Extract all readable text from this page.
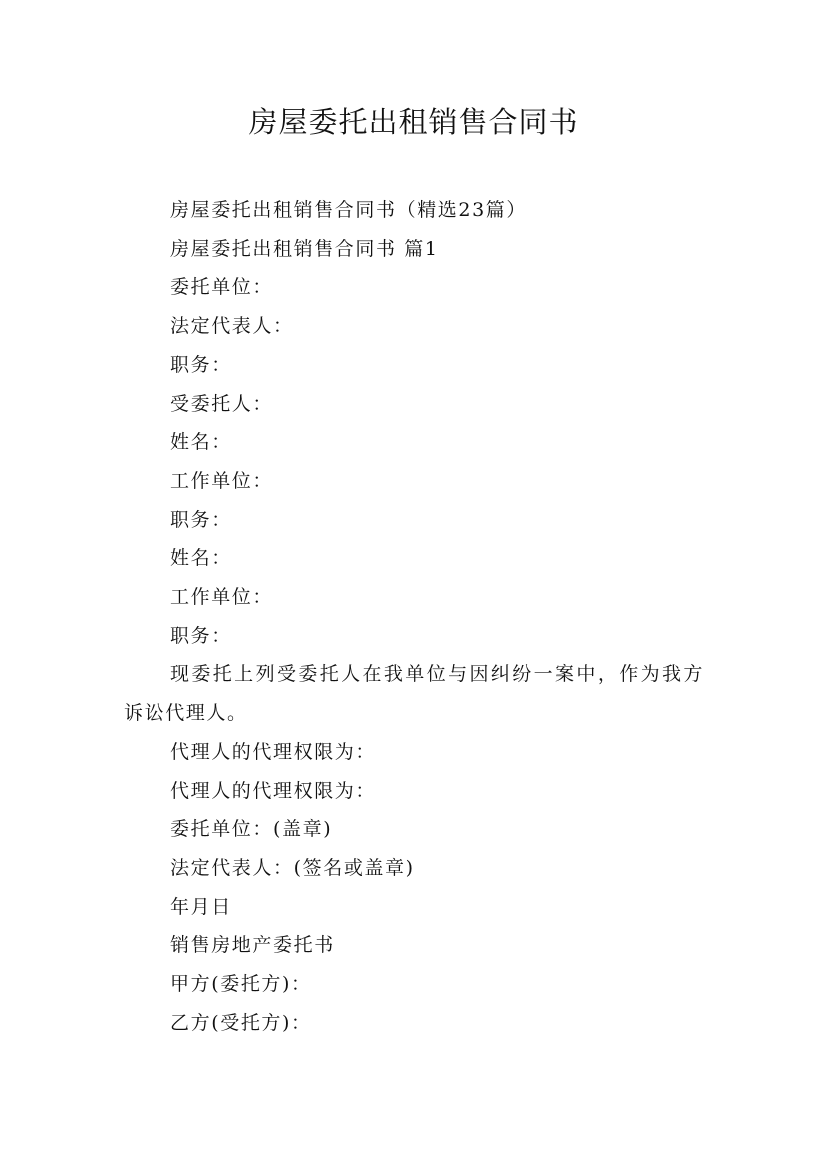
房屋委托出租销售合同书

房屋委托出租销售合同书（精选23篇）

房屋委托出租销售合同书 篇1

委托单位：

法定代表人：

职务：

受委托人：

姓名：

工作单位：

职务：

姓名：

工作单位：

职务：

现委托上列受委托人在我单位与因纠纷一案中，作为我方诉讼代理人。

代理人的代理权限为：

代理人的代理权限为：

委托单位：(盖章)

法定代表人：(签名或盖章)

年月日

销售房地产委托书

甲方(委托方)：

乙方(受托方)：
